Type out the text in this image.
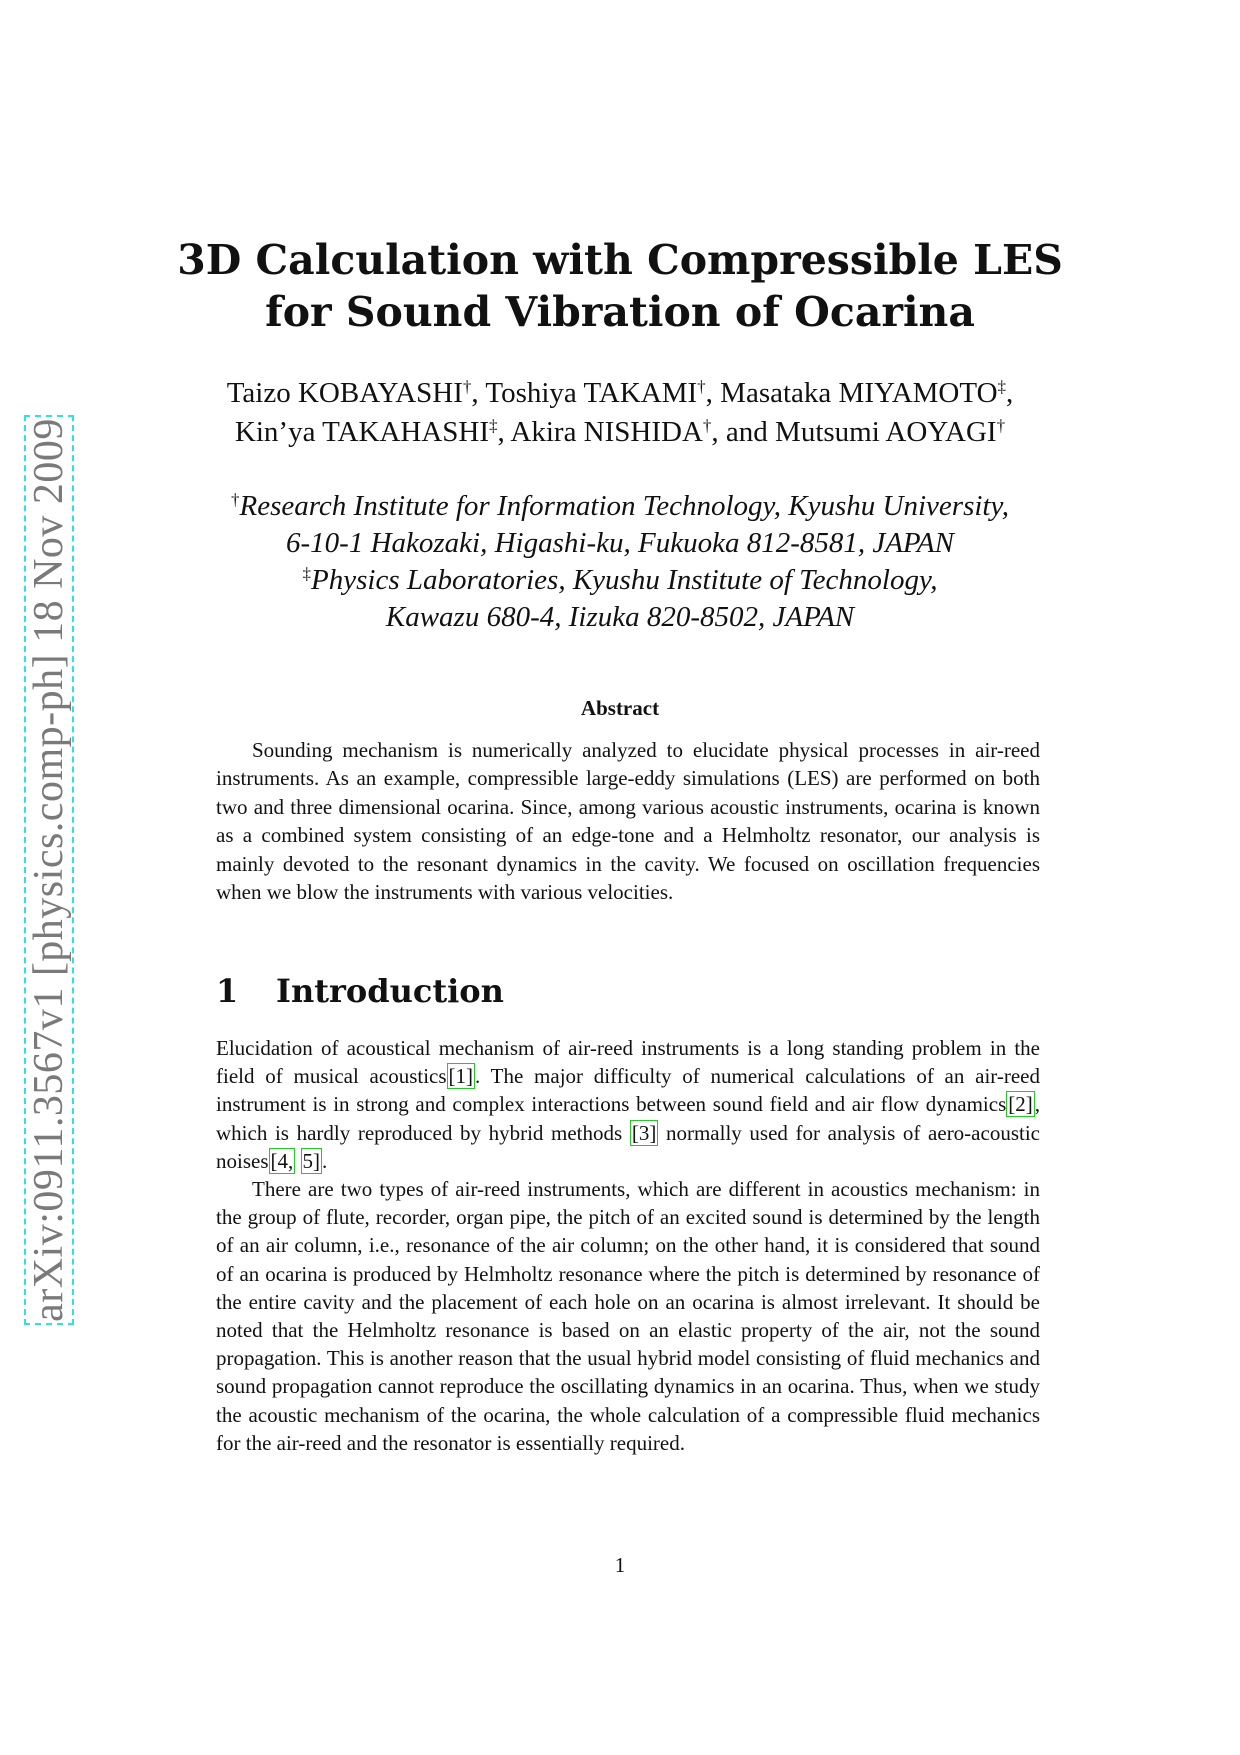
arXiv:0911.3567v1 [physics.comp-ph] 18 Nov 2009
3D Calculation with Compressible LES
for Sound Vibration of Ocarina
Taizo KOBAYASHI†, Toshiya TAKAMI†, Masataka MIYAMOTO‡,
Kin’ya TAKAHASHI‡, Akira NISHIDA†, and Mutsumi AOYAGI†
†Research Institute for Information Technology, Kyushu University,
6-10-1 Hakozaki, Higashi-ku, Fukuoka 812-8581, JAPAN
‡Physics Laboratories, Kyushu Institute of Technology,
Kawazu 680-4, Iizuka 820-8502, JAPAN
Abstract
Sounding mechanism is numerically analyzed to elucidate physical processes in air-reed instruments. As an example, compressible large-eddy simulations (LES) are performed on both two and three dimensional ocarina. Since, among various acoustic instruments, ocarina is known as a combined system consisting of an edge-tone and a Helmholtz resonator, our analysis is mainly devoted to the resonant dynamics in the cavity. We focused on oscillation frequencies when we blow the instruments with various velocities.
1 Introduction

Elucidation of acoustical mechanism of air-reed instruments is a long standing problem in the field of musical acoustics[1]. The major difficulty of numerical calculations of an air-reed instrument is in strong and complex interactions between sound field and air flow dynamics[2], which is hardly reproduced by hybrid methods [3] normally used for analysis of aero-acoustic noises[4, 5].

There are two types of air-reed instruments, which are different in acoustics mechanism: in the group of flute, recorder, organ pipe, the pitch of an excited sound is determined by the length of an air column, i.e., resonance of the air column; on the other hand, it is considered that sound of an ocarina is produced by Helmholtz resonance where the pitch is determined by resonance of the entire cavity and the placement of each hole on an ocarina is almost irrelevant. It should be noted that the Helmholtz resonance is based on an elastic property of the air, not the sound propagation. This is another reason that the usual hybrid model consisting of fluid mechanics and sound propagation cannot reproduce the oscillating dynamics in an ocarina. Thus, when we study the acoustic mechanism of the ocarina, the whole calculation of a compressible fluid mechanics for the air-reed and the resonator is essentially required.

1
